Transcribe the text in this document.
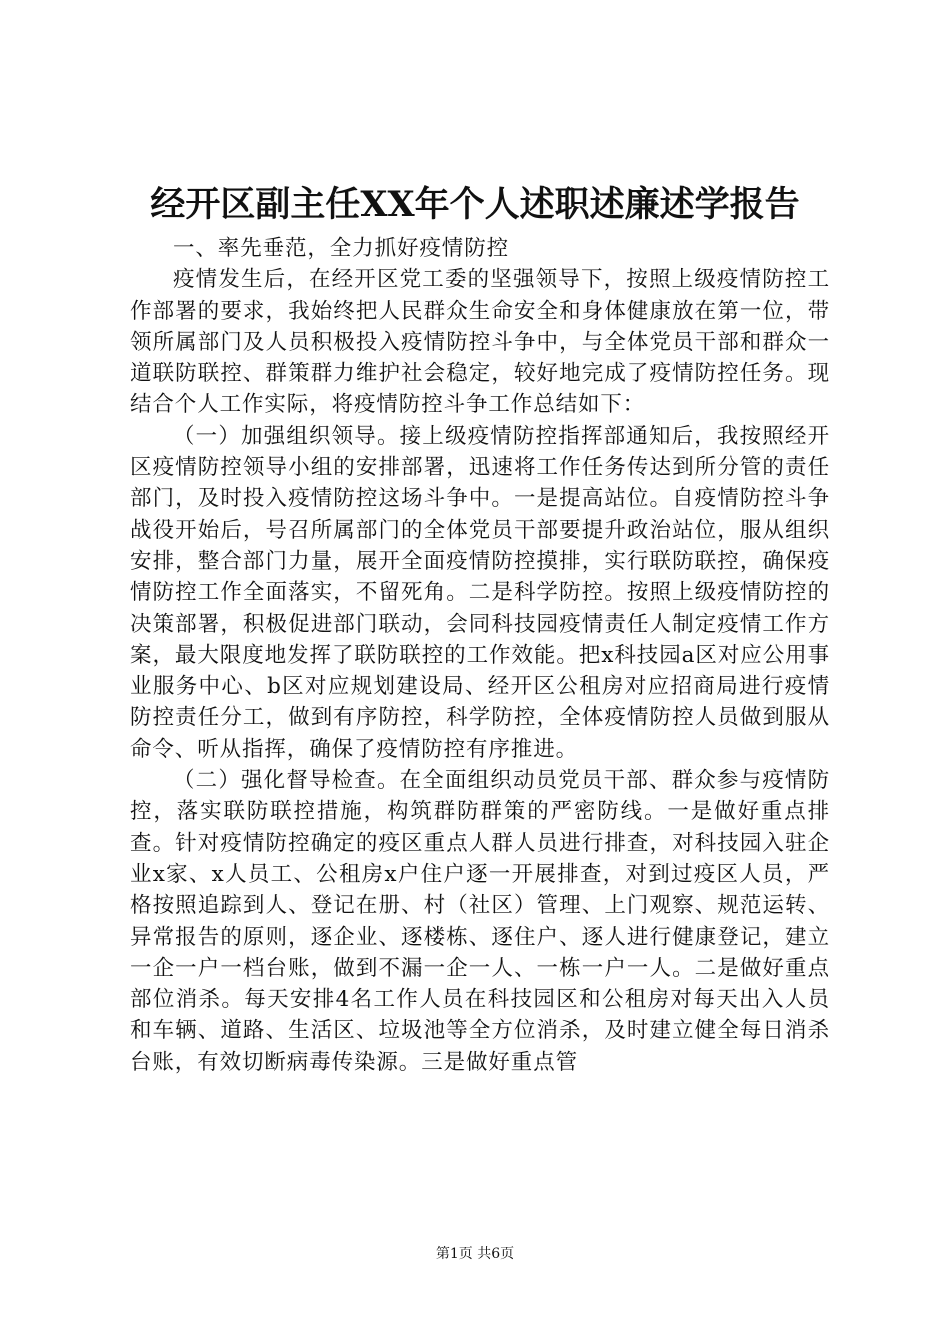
经开区副主任XX年个人述职述廉述学报告

一、率先垂范，全力抓好疫情防控

疫情发生后，在经开区党工委的坚强领导下，按照上级疫情防控工作部署的要求，我始终把人民群众生命安全和身体健康放在第一位，带领所属部门及人员积极投入疫情防控斗争中，与全体党员干部和群众一道联防联控、群策群力维护社会稳定，较好地完成了疫情防控任务。现结合个人工作实际，将疫情防控斗争工作总结如下：

（一）加强组织领导。接上级疫情防控指挥部通知后，我按照经开区疫情防控领导小组的安排部署，迅速将工作任务传达到所分管的责任部门，及时投入疫情防控这场斗争中。一是提高站位。自疫情防控斗争战役开始后，号召所属部门的全体党员干部要提升政治站位，服从组织安排，整合部门力量，展开全面疫情防控摸排，实行联防联控，确保疫情防控工作全面落实，不留死角。二是科学防控。按照上级疫情防控的决策部署，积极促进部门联动，会同科技园疫情责任人制定疫情工作方案，最大限度地发挥了联防联控的工作效能。把x科技园a区对应公用事业服务中心、b区对应规划建设局、经开区公租房对应招商局进行疫情防控责任分工，做到有序防控，科学防控，全体疫情防控人员做到服从命令、听从指挥，确保了疫情防控有序推进。

（二）强化督导检查。在全面组织动员党员干部、群众参与疫情防控，落实联防联控措施，构筑群防群策的严密防线。一是做好重点排查。针对疫情防控确定的疫区重点人群人员进行排查，对科技园入驻企业x家、x人员工、公租房x户住户逐一开展排查，对到过疫区人员，严格按照追踪到人、登记在册、村（社区）管理、上门观察、规范运转、异常报告的原则，逐企业、逐楼栋、逐住户、逐人进行健康登记，建立一企一户一档台账，做到不漏一企一人、一栋一户一人。二是做好重点部位消杀。每天安排4名工作人员在科技园区和公租房对每天出入人员和车辆、道路、生活区、垃圾池等全方位消杀，及时建立健全每日消杀台账，有效切断病毒传染源。三是做好重点管

第1页 共6页
